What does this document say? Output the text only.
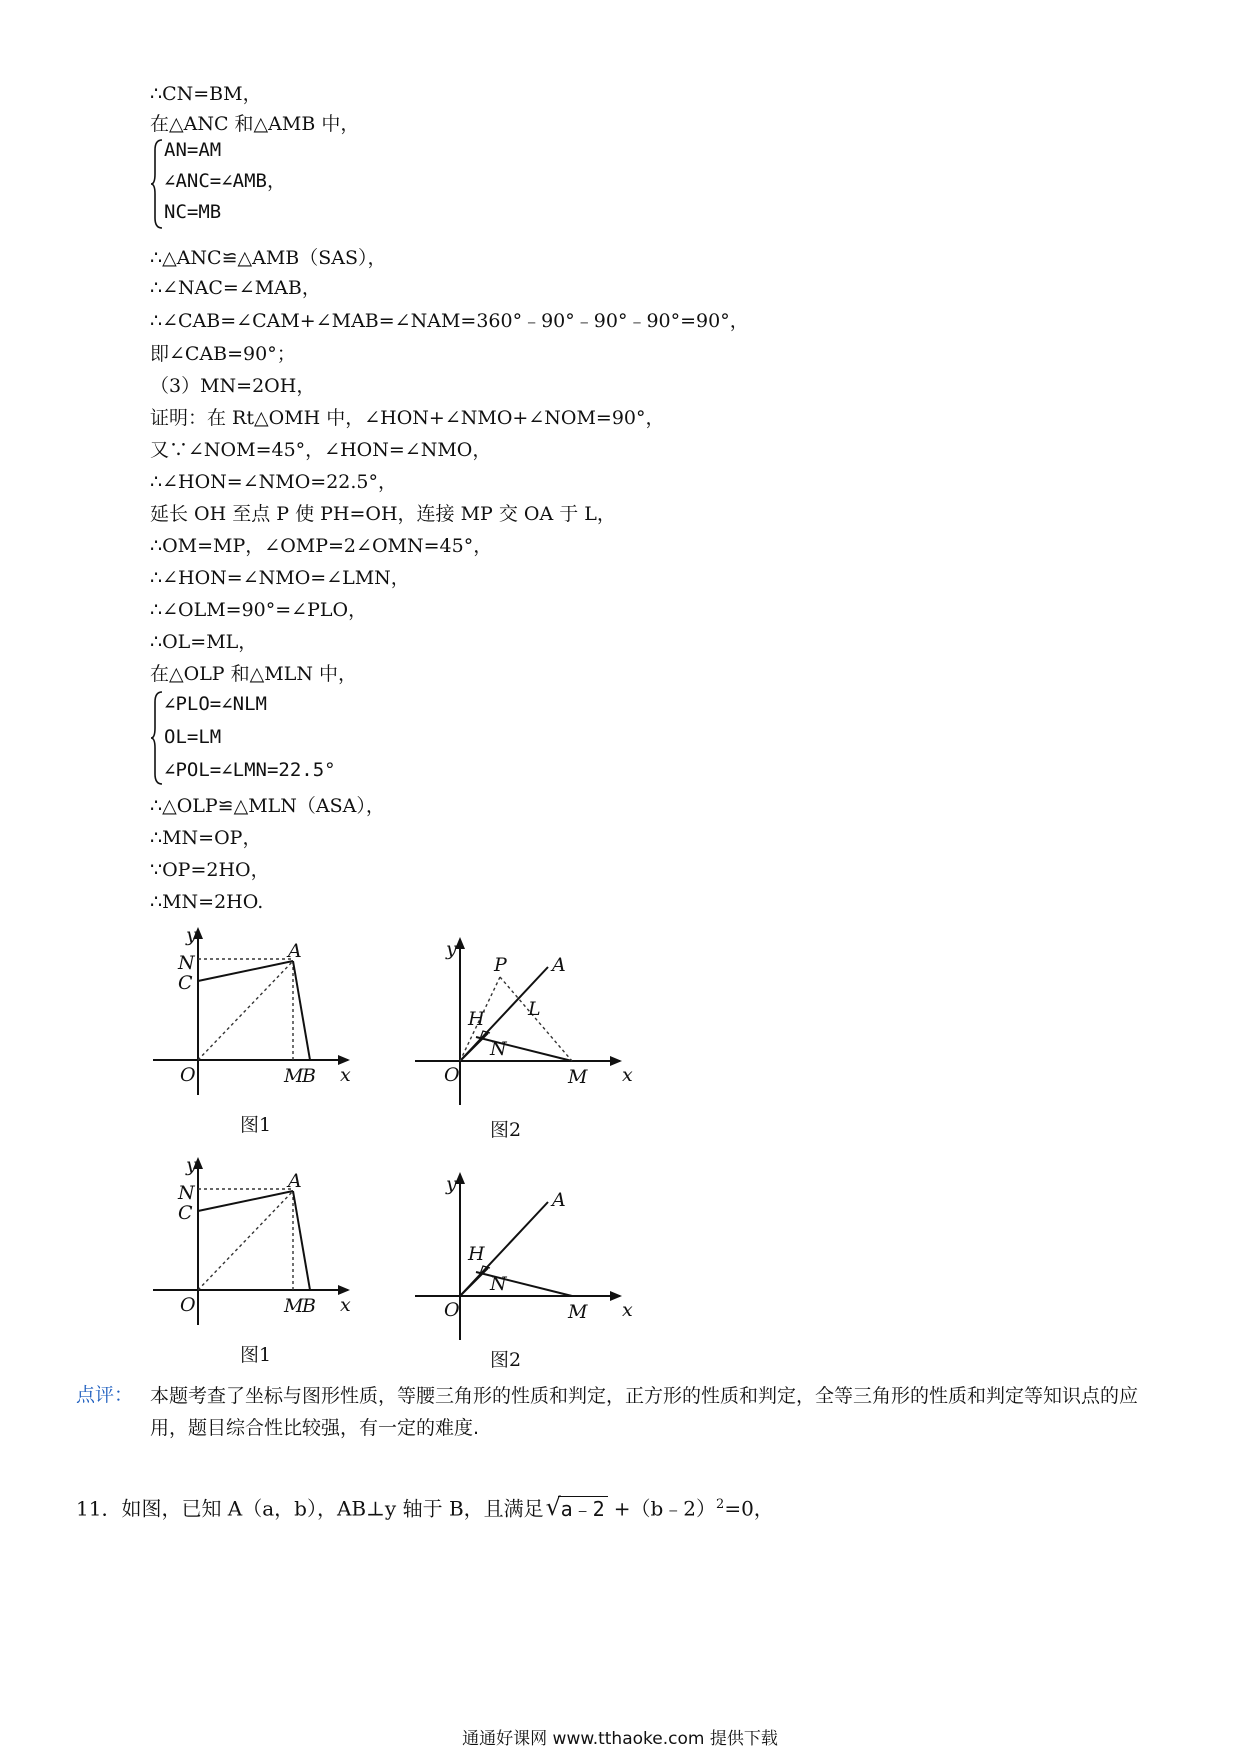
∴CN=BM，
在△ANC 和△AMB 中，
AN=AM
∠ANC=∠AMB，
NC=MB
∴△ANC≌△AMB（SAS），
∴∠NAC=∠MAB，
∴∠CAB=∠CAM+∠MAB=∠NAM=360°﹣90°﹣90°﹣90°=90°，
即∠CAB=90°；
（3）MN=2OH，
证明：在 Rt△OMH 中，∠HON+∠NMO+∠NOM=90°，
又∵∠NOM=45°，∠HON=∠NMO，
∴∠HON=∠NMO=22.5°，
延长 OH 至点 P 使 PH=OH，连接 MP 交 OA 于 L，
∴OM=MP，∠OMP=2∠OMN=45°，
∴∠HON=∠NMO=∠LMN，
∴∠OLM=90°=∠PLO，
∴OL=ML，
在△OLP 和△MLN 中，
∠PLO=∠NLM
OL=LM
∠POL=∠LMN=22.5°
∴△OLP≌△MLN（ASA），
∴MN=OP，
∵OP=2HO，
∴MN=2HO.
y
N
C
A
O	M
B x
图1
y
P A
H L
N
O	M x
图2
y
N
C
A
O	M
B x
图1
y
A
H
N
O	M x
图2
点评： 本题考查了坐标与图形性质，等腰三角形的性质和判定，正方形的性质和判定，全等三角形的性质和判定等知识点的应用，题目综合性比较强，有一定的难度.
11．如图，已知 A（a，b），AB⊥y 轴于 B，且满足 √ a﹣2 +（b﹣2）$^2$=0，
通通好课网 www.tthaoke.com 提供下载
